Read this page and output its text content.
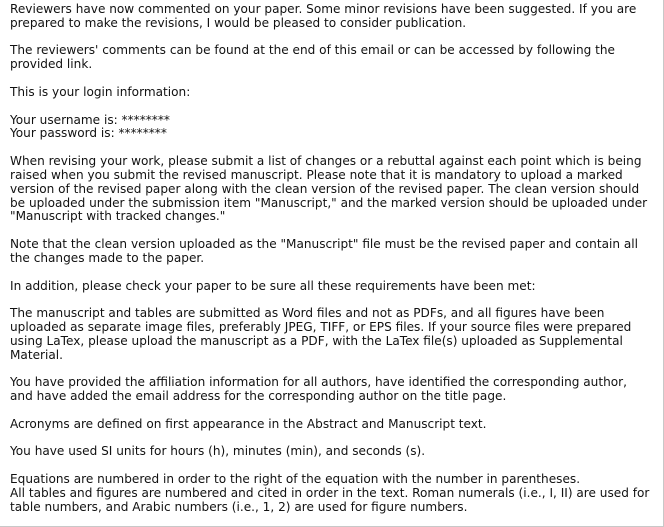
Reviewers have now commented on your paper. Some minor revisions have been suggested. If you are prepared to make the revisions, I would be pleased to consider publication.

The reviewers' comments can be found at the end of this email or can be accessed by following the provided link.

This is your login information:

Your username is: ********

Your password is: ********

When revising your work, please submit a list of changes or a rebuttal against each point which is being raised when you submit the revised manuscript. Please note that it is mandatory to upload a marked version of the revised paper along with the clean version of the revised paper. The clean version should be uploaded under the submission item "Manuscript," and the marked version should be uploaded under "Manuscript with tracked changes."

Note that the clean version uploaded as the "Manuscript" file must be the revised paper and contain all the changes made to the paper.

In addition, please check your paper to be sure all these requirements have been met:

The manuscript and tables are submitted as Word files and not as PDFs, and all figures have been uploaded as separate image files, preferably JPEG, TIFF, or EPS files. If your source files were prepared using LaTex, please upload the manuscript as a PDF, with the LaTex file(s) uploaded as Supplemental Material.

You have provided the affiliation information for all authors, have identified the corresponding author, and have added the email address for the corresponding author on the title page.

Acronyms are defined on first appearance in the Abstract and Manuscript text.

You have used SI units for hours (h), minutes (min), and seconds (s).

Equations are numbered in order to the right of the equation with the number in parentheses.

All tables and figures are numbered and cited in order in the text. Roman numerals (i.e., I, II) are used for table numbers, and Arabic numbers (i.e., 1, 2) are used for figure numbers.
